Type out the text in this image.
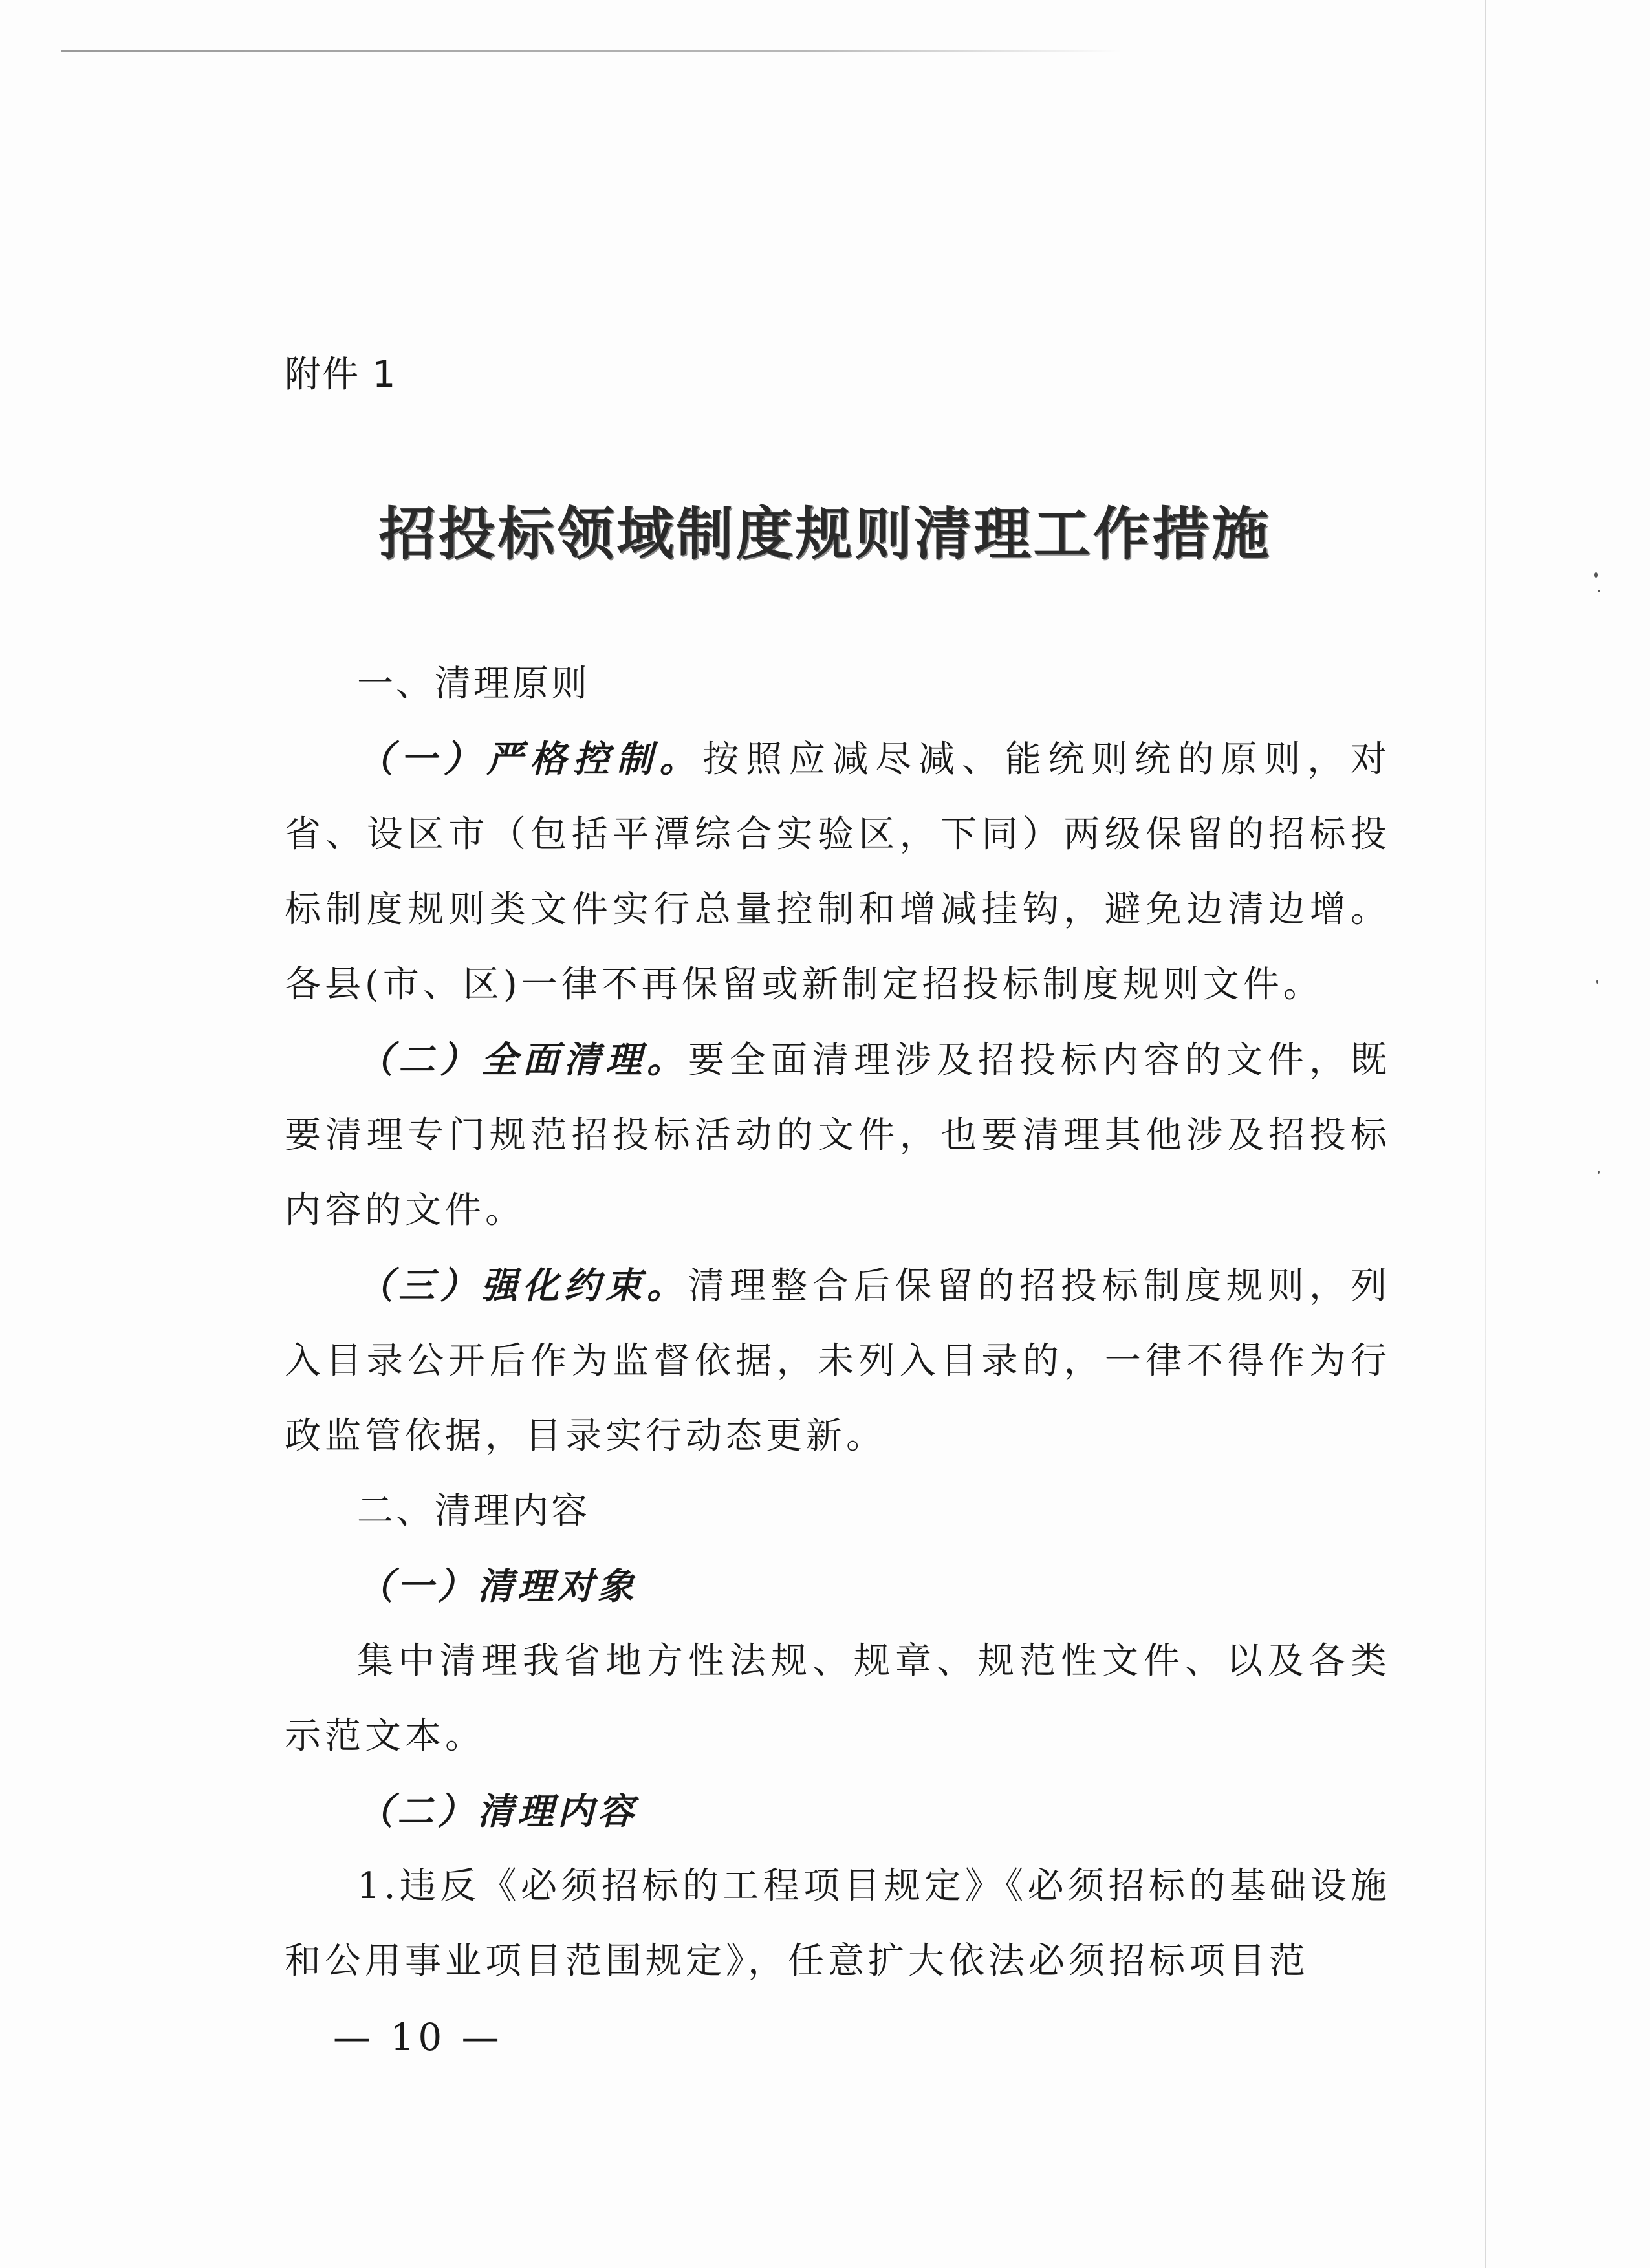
附件 1
招投标领域制度规则清理工作措施

一、清理原则

（一）严格控制。按照应减尽减、能统则统的原则，对省、设区市（包括平潭综合实验区，下同）两级保留的招标投标制度规则类文件实行总量控制和增减挂钩，避免边清边增。各县(市、区)一律不再保留或新制定招投标制度规则文件。

（二）全面清理。要全面清理涉及招投标内容的文件，既要清理专门规范招投标活动的文件，也要清理其他涉及招投标内容的文件。

（三）强化约束。清理整合后保留的招投标制度规则，列入目录公开后作为监督依据，未列入目录的，一律不得作为行政监管依据，目录实行动态更新。

二、清理内容

（一）清理对象

集中清理我省地方性法规、规章、规范性文件、以及各类示范文本。

（二）清理内容

1.违反《必须招标的工程项目规定》《必须招标的基础设施和公用事业项目范围规定》，任意扩大依法必须招标项目范

— 10 —
